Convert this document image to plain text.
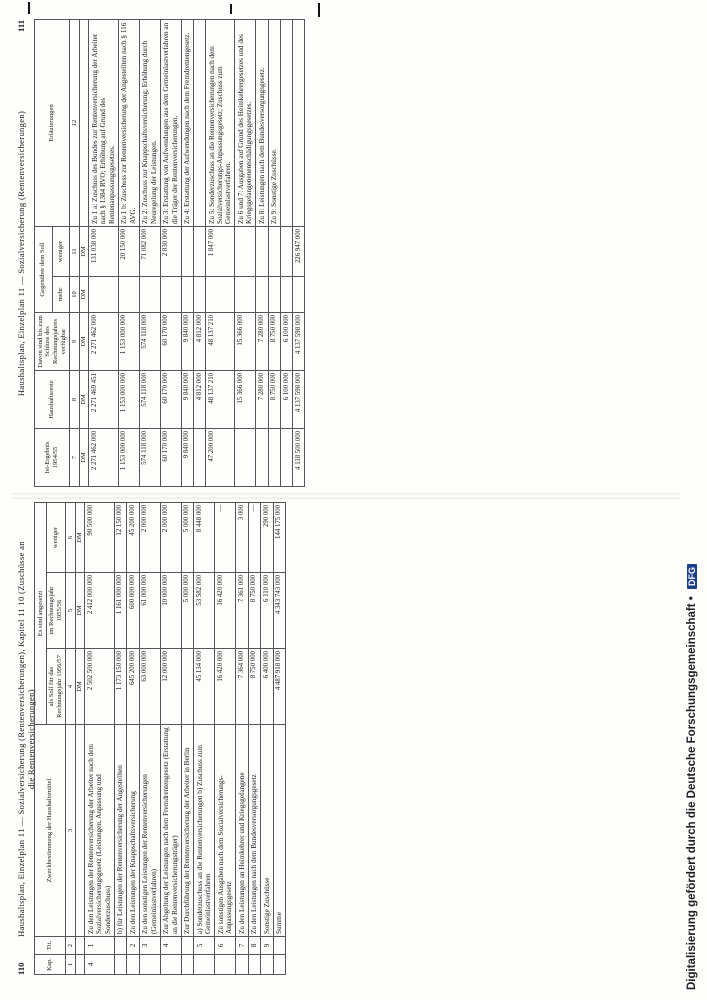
110
Haushaltsplan, Einzelplan 11 — Sozialversicherung (Rentenversicherungen), Kapitel 11 10 (Zuschüsse an die Rentenversicherungen)
Kap.	Tit.	Zweckbestimmung der Haushaltsmittel	Es sind angesetzt		
			als Soll für das Rechnungsjahr 1956/57	im Rechnungsjahr 1955/56	weniger
1	2	3	4	5	6
			DM	DM	DM
4	1	Zu den Leistungen der Rentenversicherung der Arbeiter nach dem Sozialversicherungsgesetz (Leistungen, Anpassung und Sonderzuschuss)	2 502 500 000	2 412 000 000	90 500 000
		b) für Leistungen der Rentenversicherung der Angestellten	1 173 150 000	1 161 000 000	12 150 000
	2	Zu den Leistungen der Knappschaftsversicherung	645 200 000	600 000 000	45 200 000
	3	Zu den sonstigen Leistungen der Rentenversicherungen (Gemeinlastverfahren)	63 000 000	61 000 000	2 000 000
	4	Zur Abgeltung der Leistungen nach dem Fremdrentengesetz (Erstattung an die Rentenversicherungsträger)	12 000 000	10 000 000	2 000 000
		Zur Durchführung der Rentenversicherung der Arbeiter in Berlin		5 000 000	5 000 000
	5	a) Sonderzuschuss an die Rentenversicherungen b) Zuschuss zum Gemeinlastverfahren	45 134 000	53 582 000	8 448 000
	6	Zu sonstigen Ausgaben nach dem Sozialversicherungs-Anpassungsgesetz	16 420 000	16 420 000	—
	7	Zu den Leistungen an Heimkehrer und Kriegsgefangene	7 364 000	7 361 000	3 000
	8	Zu den Leistungen nach dem Bundesversorgungsgesetz	8 750 000	8 750 000	—
	9	Sonstige Zuschüsse	6 400 000	6 110 000	290 000
		Summe	4 487 918 000	4 343 743 000	144 175 000
Haushaltsplan, Einzelplan 11 — Sozialversicherung (Rentenversicherungen)
111
Ist-Ergebnis 1954/55	Haushaltsreste	Davon sind bis zum Schluss des Rechnungsjahres verfügbar	Gegenüber dem Soll		Erläuterungen
			mehr	weniger	
7	8	9	10	11	12
DM	DM	DM	DM	DM	
2 271 462 000	2 271 469 451	2 271 462 000		131 038 000	Zu 1 a: Zuschuss des Bundes zur Rentenversicherung der Arbeiter nach § 1384 RVO; Erhöhung auf Grund des Rentenanpassungsgesetzes.
1 153 000 000	1 153 000 000	1 153 000 000		20 150 000	Zu 1 b: Zuschuss zur Rentenversicherung der Angestellten nach § 116 AVG.
574 118 000	574 118 000	574 118 000		71 082 000	Zu 2: Zuschuss zur Knappschaftsversicherung; Erhöhung durch Neuregelung der Leistungen.
60 170 000	60 170 000	60 170 000		2 830 000	Zu 3: Erstattung von Aufwendungen aus dem Gemeinlastverfahren an die Träger der Rentenversicherungen.
9 840 000	9 840 000	9 840 000			Zu 4: Erstattung der Aufwendungen nach dem Fremdrentengesetz.
	4 812 000	4 812 000			
47 200 000	48 137 210	48 137 210		1 847 000	Zu 5: Sonderzuschuss an die Rentenversicherungen nach dem Sozialversicherungs-Anpassungsgesetz; Zuschuss zum Gemeinlastverfahren.
	15 366 000	15 366 000			Zu 6 und 7: Ausgaben auf Grund des Heimkehrergesetzes und des Kriegsgefangenenentschädigungsgesetzes.
	7 280 000	7 280 000			Zu 8: Leistungen nach dem Bundesversorgungsgesetz.
	8 750 000	8 750 000			Zu 9: Sonstige Zuschüsse.
	6 100 000	6 100 000			
4 118 500 000	4 137 598 000	4 137 598 000		226 947 000	
Digitalisierung gefördert durch die Deutsche Forschungsgemeinschaft • DFG
